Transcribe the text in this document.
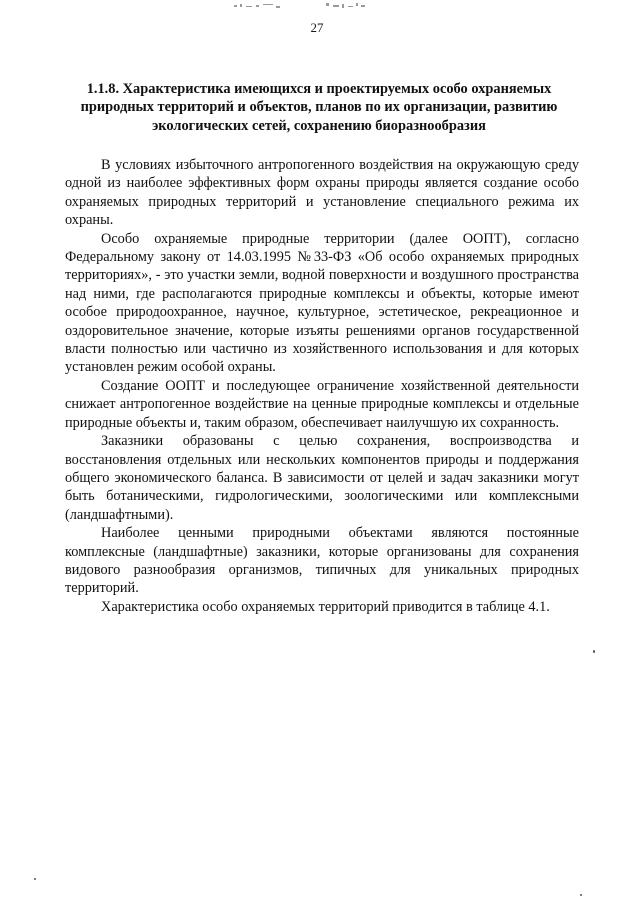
27
1.1.8. Характеристика имеющихся и проектируемых особо охраняемых природных территорий и объектов, планов по их организации, развитию экологических сетей, сохранению биоразнообразия

В условиях избыточного антропогенного воздействия на окружающую среду одной из наиболее эффективных форм охраны природы является создание особо охраняемых природных территорий и установление специального режима их охраны.

Особо охраняемые природные территории (далее ООПТ), согласно Федеральному закону от 14.03.1995 №33-ФЗ «Об особо охраняемых природных территориях», - это участки земли, водной поверхности и воздушного пространства над ними, где располагаются природные комплексы и объекты, которые имеют особое природоохранное, научное, культурное, эстетическое, рекреационное и оздоровительное значение, которые изъяты решениями органов государственной власти полностью или частично из хозяйственного использования и для которых установлен режим особой охраны.

Создание ООПТ и последующее ограничение хозяйственной деятельности снижает антропогенное воздействие на ценные природные комплексы и отдельные природные объекты и, таким образом, обеспечивает наилучшую их сохранность.

Заказники образованы с целью сохранения, воспроизводства и восстановления отдельных или нескольких компонентов природы и поддержания общего экономического баланса. В зависимости от целей и задач заказники могут быть ботаническими, гидрологическими, зоологическими или комплексными (ландшафтными).

Наиболее ценными природными объектами являются постоянные комплексные (ландшафтные) заказники, которые организованы для сохранения видового разнообразия организмов, типичных для уникальных природных территорий.

Характеристика особо охраняемых территорий приводится в таблице 4.1.
